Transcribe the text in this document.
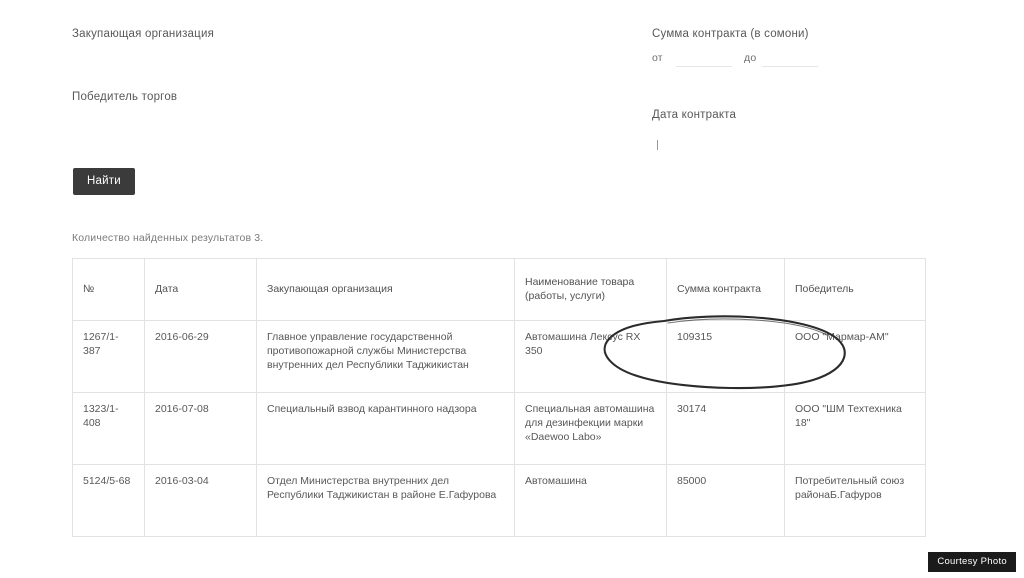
Закупающая организация
Победитель торгов
Сумма контракта (в сомони)
от	до
Дата контракта
Найти
Количество найденных результатов 3.
№	Дата	Закупающая организация	Наименование товара (работы, услуги)	Сумма контракта	Победитель
1267/1-387	2016-06-29	Главное управление государственной противопожарной службы Министерства внутренних дел Республики Таджикистан	Автомашина Лексус RX 350	109315	ООО "Мармар-АМ"
1323/1-408	2016-07-08	Специальный взвод карантинного надзора	Специальная автомашина для дезинфекции марки «Daewoo Labo»	30174	ООО "ШМ Техтехника 18"
5124/5-68	2016-03-04	Отдел Министерства внутренних дел Республики Таджикистан в районе Е.Гафурова	Автомашина	85000	Потребительный союз районаБ.Гафуров
Courtesy Photo
